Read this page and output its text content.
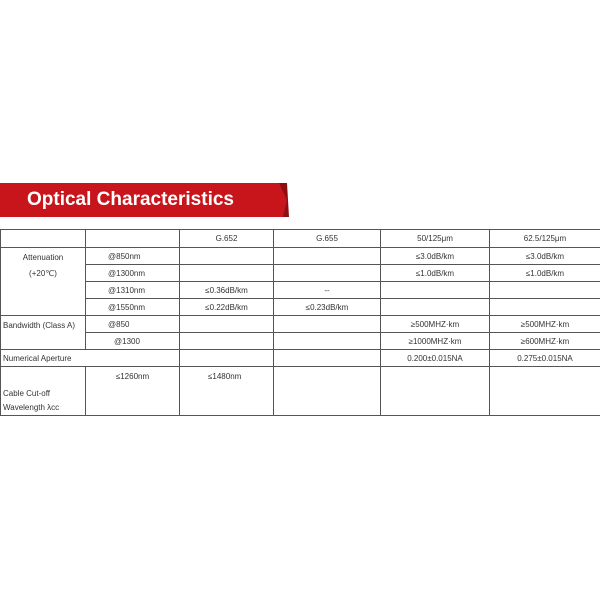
Optical Characteristics
		G.652	G.655	50/125μm	62.5/125μm

Attenuation
(+20℃)	@850nm			≤3.0dB/km	≤3.0dB/km
	@1300nm			≤1.0dB/km	≤1.0dB/km
	@1310nm	≤0.36dB/km	--		
	@1550nm	≤0.22dB/km	≤0.23dB/km		
Bandwidth (Class A)	@850			≥500MHZ·km	≥500MHZ·km
	@1300			≥1000MHZ·km	≥600MHZ·km
Numerical Aperture				0.200±0.015NA	0.275±0.015NA

Cable Cut-off
Wavelength λcc	≤1260nm	≤1480nm			
